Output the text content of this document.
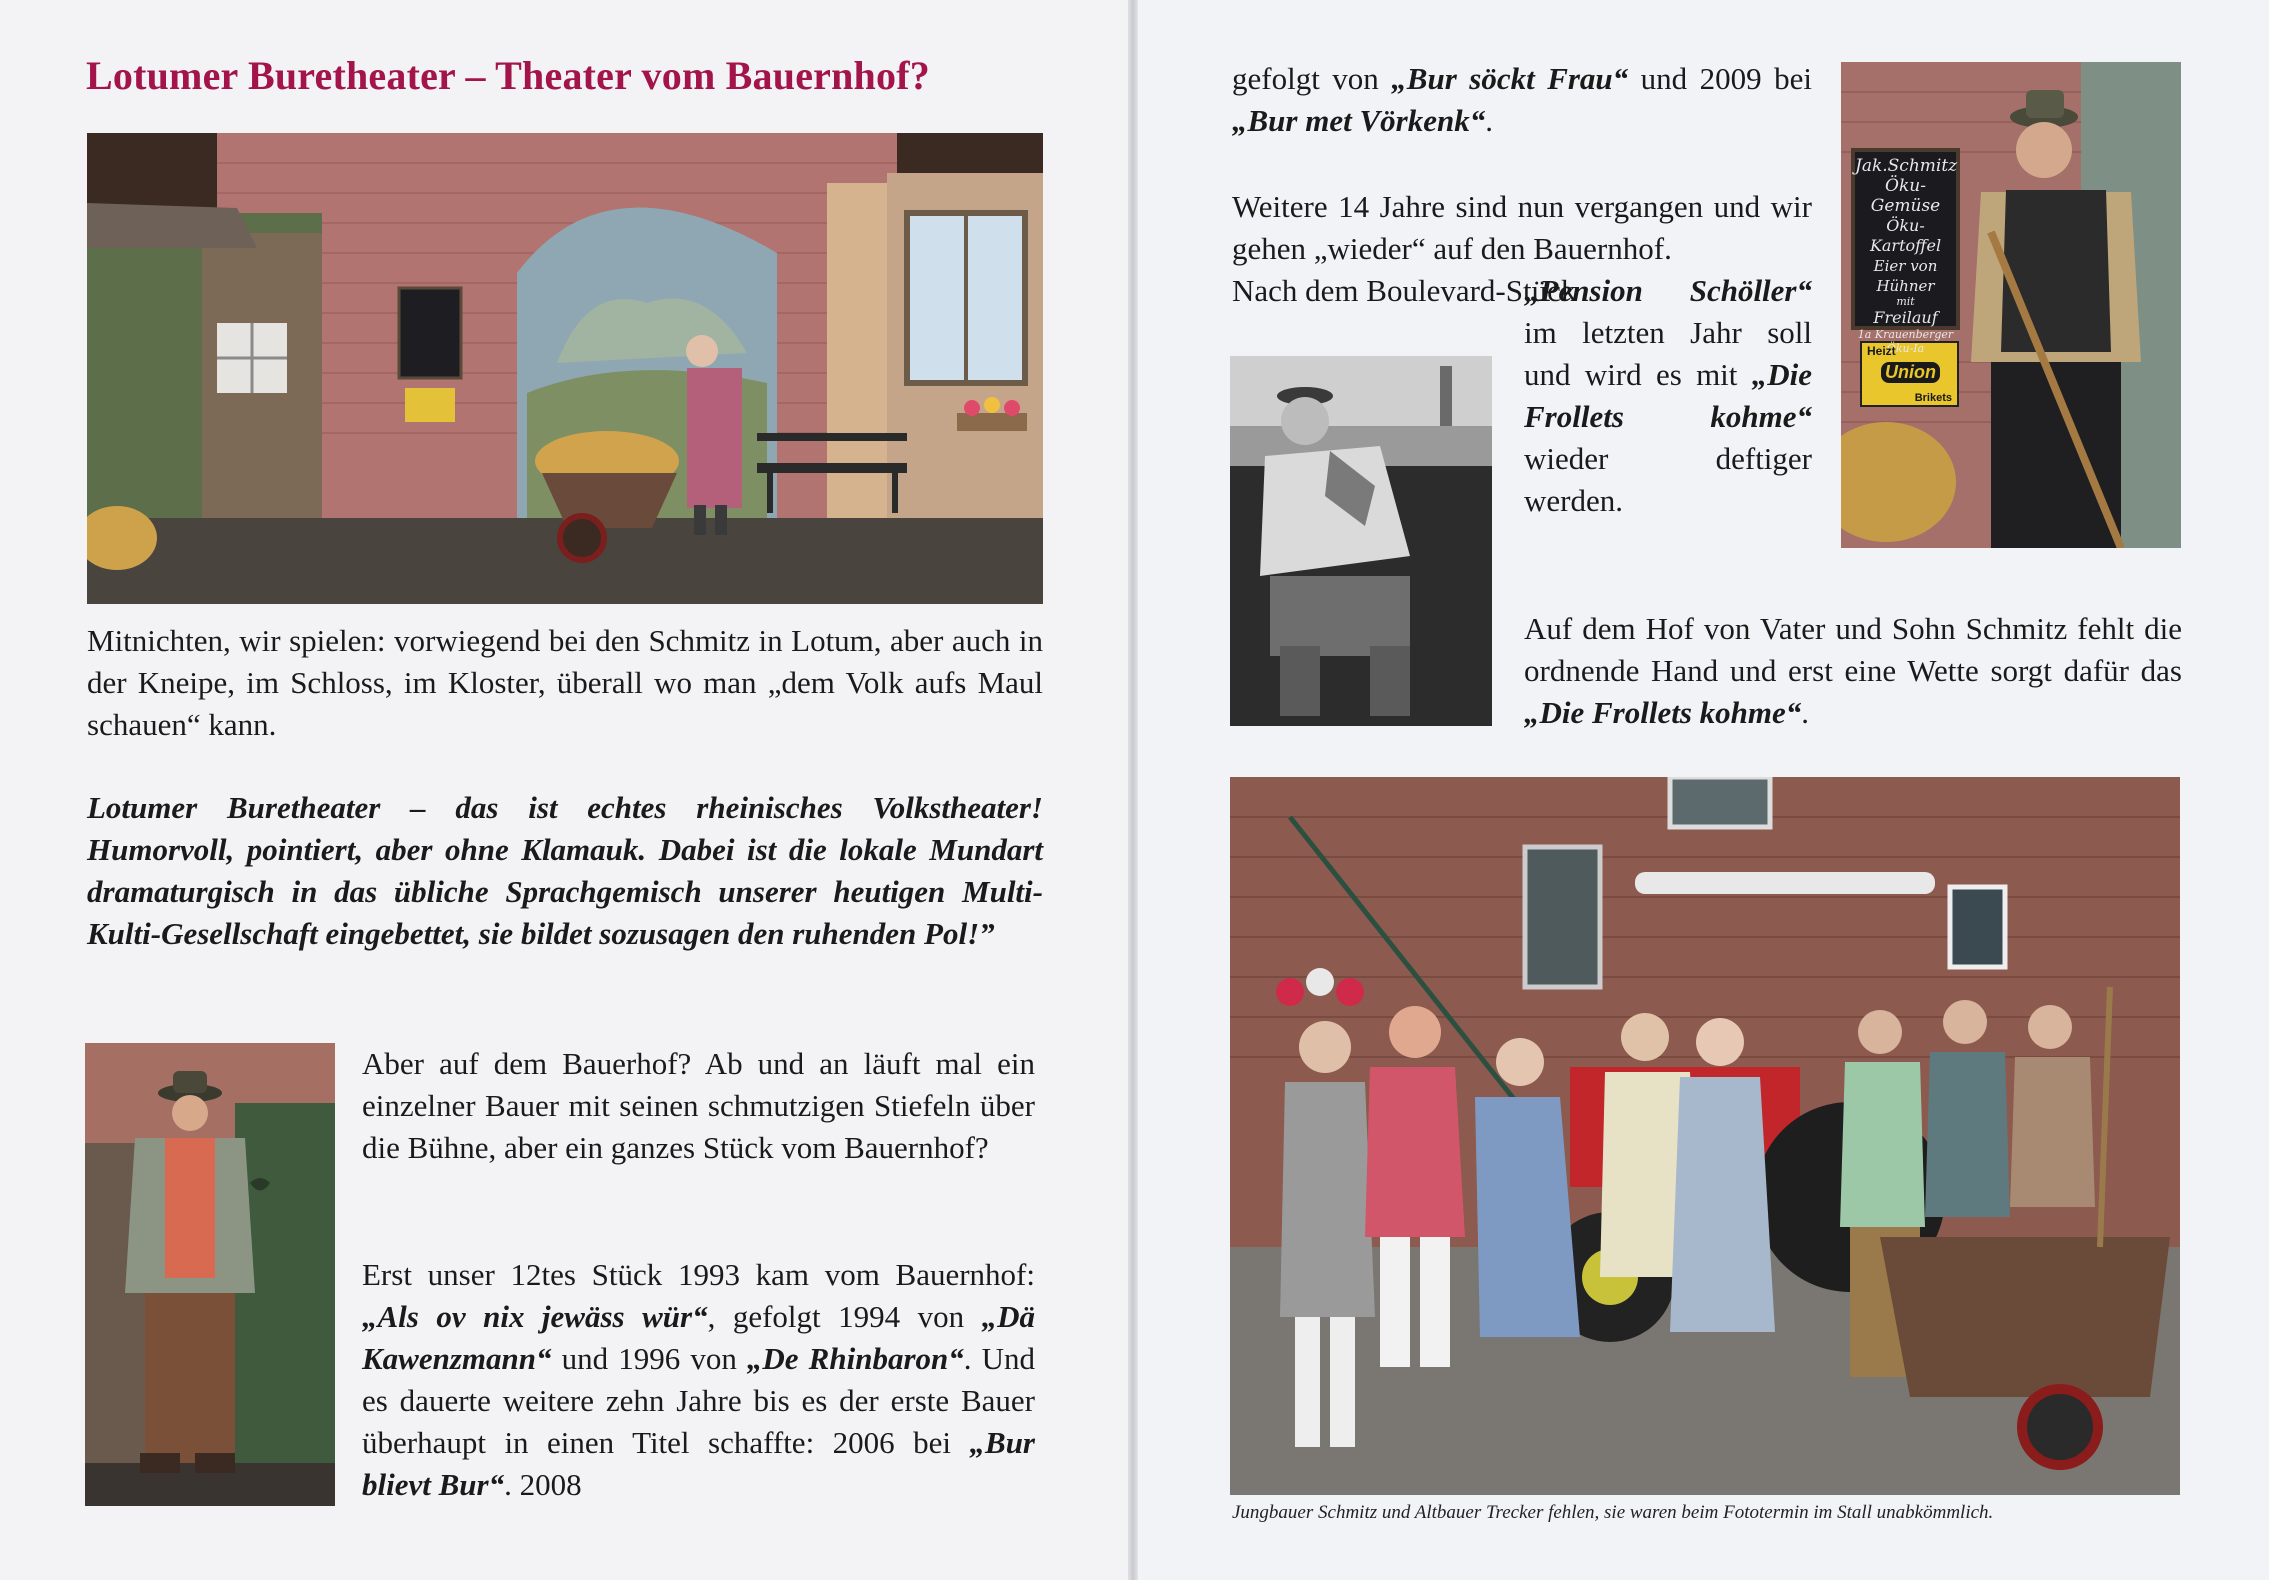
Lotumer Buretheater – Theater vom Bauernhof?
Mitnichten, wir spielen: vorwiegend bei den Schmitz in Lotum, aber auch in der Kneipe, im Schloss, im Kloster, überall wo man „dem Volk aufs Maul schauen“ kann.
Lotumer Buretheater – das ist echtes rheinisches Volkstheater! Humorvoll, pointiert, aber ohne Klamauk. Dabei ist die lokale Mundart dramaturgisch in das übliche Sprachgemisch unserer heutigen Multi-Kulti-Gesellschaft eingebettet, sie bildet sozusagen den ruhenden Pol!”
Aber auf dem Bauerhof? Ab und an läuft mal ein einzelner Bauer mit seinen schmutzigen Stiefeln über die Bühne, aber ein ganzes Stück vom Bauernhof?
Erst unser 12tes Stück 1993 kam vom Bauernhof: „Als ov nix jewäss wür“, gefolgt 1994 von „Dä Kawenzmann“ und 1996 von „De Rhinbaron“. Und es dauerte weitere zehn Jahre bis es der erste Bauer überhaupt in einen Titel schaffte: 2006 bei „Bur blievt Bur“. 2008
gefolgt von „Bur söckt Frau“ und 2009 bei „Bur met Vörkenk“.
Weitere 14 Jahre sind nun vergangen und wir gehen „wieder“ auf den Bauernhof.
Nach dem Boulevard-Stück
„Pension Schöller“ im letzten Jahr soll und wird es mit „Die Frollets kohme“ wieder deftiger werden.
Jak.Schmitz
Öku-Gemüse
Öku-Kartoffel
Eier von Hühner
mit
Freilauf
1a Krauenberger
Öku-Ia
Heizt
Union
Brikets
Auf dem Hof von Vater und Sohn Schmitz fehlt die ordnende Hand und erst eine Wette sorgt dafür das „Die Frollets kohme“.
Jungbauer Schmitz und Altbauer Trecker fehlen, sie waren beim Fototermin im Stall unabkömmlich.
